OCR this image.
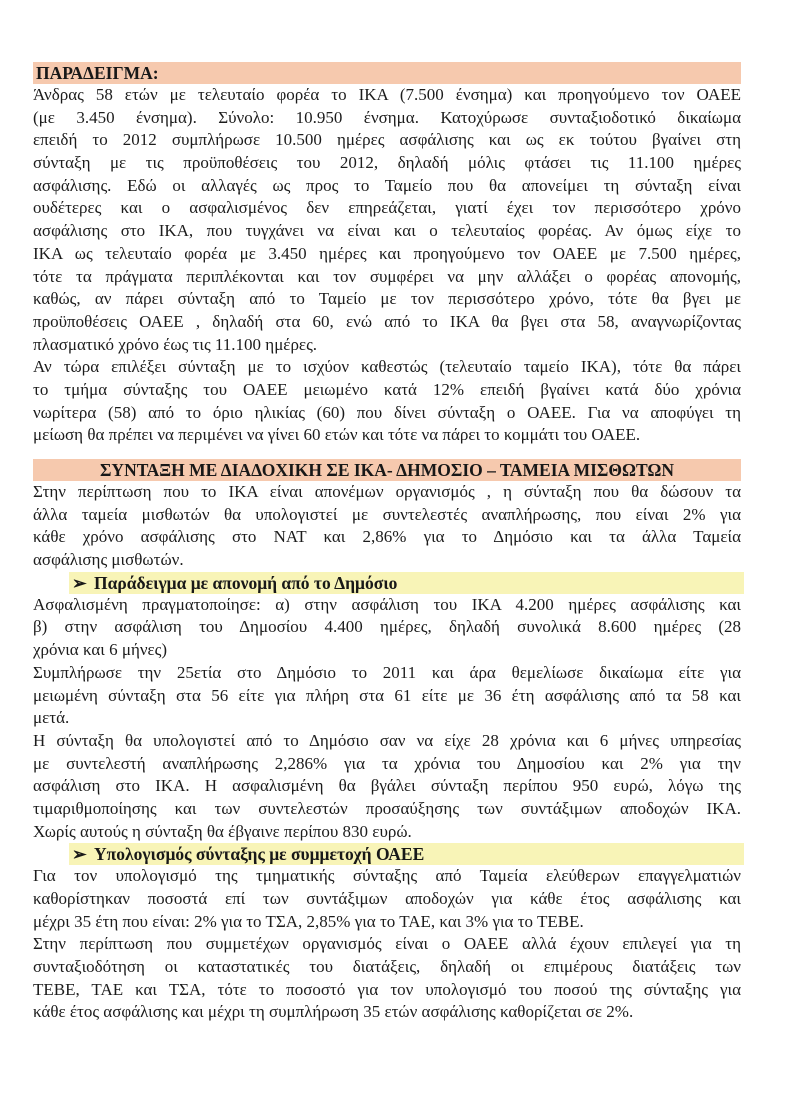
ΠΑΡΑΔΕΙΓΜΑ:
Άνδρας 58 ετών με τελευταίο φορέα το ΙΚΑ (7.500 ένσημα) και προηγούμενο τον ΟΑΕΕ
(με 3.450 ένσημα). Σύνολο: 10.950 ένσημα. Κατοχύρωσε συνταξιοδοτικό δικαίωμα
επειδή το 2012 συμπλήρωσε 10.500 ημέρες ασφάλισης και ως εκ τούτου βγαίνει στη
σύνταξη με τις προϋποθέσεις του 2012, δηλαδή μόλις φτάσει τις 11.100 ημέρες
ασφάλισης. Εδώ οι αλλαγές ως προς το Ταμείο που θα απονείμει τη σύνταξη είναι
ουδέτερες και ο ασφαλισμένος δεν επηρεάζεται, γιατί έχει τον περισσότερο χρόνο
ασφάλισης στο ΙΚΑ, που τυγχάνει να είναι και ο τελευταίος φορέας. Αν όμως είχε το
ΙΚΑ ως τελευταίο φορέα με 3.450 ημέρες και προηγούμενο τον ΟΑΕΕ με 7.500 ημέρες,
τότε τα πράγματα περιπλέκονται και τον συμφέρει να μην αλλάξει ο φορέας απονομής,
καθώς, αν πάρει σύνταξη από το Ταμείο με τον περισσότερο χρόνο, τότε θα βγει με
προϋποθέσεις ΟΑΕΕ , δηλαδή στα 60, ενώ από το ΙΚΑ θα βγει στα 58, αναγνωρίζοντας
πλασματικό χρόνο έως τις 11.100 ημέρες.
Αν τώρα επιλέξει σύνταξη με το ισχύον καθεστώς (τελευταίο ταμείο ΙΚΑ), τότε θα πάρει
το τμήμα σύνταξης του ΟΑΕΕ μειωμένο κατά 12% επειδή βγαίνει κατά δύο χρόνια
νωρίτερα (58) από το όριο ηλικίας (60) που δίνει σύνταξη ο ΟΑΕΕ. Για να αποφύγει τη
μείωση θα πρέπει να περιμένει να γίνει 60 ετών και τότε να πάρει το κομμάτι του ΟΑΕΕ.
ΣΥΝΤΑΞΗ ΜΕ ΔΙΑΔΟΧΙΚΗ ΣΕ ΙΚΑ- ΔΗΜΟΣΙΟ – ΤΑΜΕΙΑ ΜΙΣΘΩΤΩΝ
Στην περίπτωση που το ΙΚΑ είναι απονέμων οργανισμός , η σύνταξη που θα δώσουν τα
άλλα ταμεία μισθωτών θα υπολογιστεί με συντελεστές αναπλήρωσης, που είναι 2% για
κάθε χρόνο ασφάλισης στο ΝΑΤ και 2,86% για το Δημόσιο και τα άλλα Ταμεία
ασφάλισης μισθωτών.
➢ Παράδειγμα με απονομή από το Δημόσιο
Ασφαλισμένη πραγματοποίησε: α) στην ασφάλιση του ΙΚΑ 4.200 ημέρες ασφάλισης και
β) στην ασφάλιση του Δημοσίου 4.400 ημέρες, δηλαδή συνολικά 8.600 ημέρες (28
χρόνια και 6 μήνες)
Συμπλήρωσε την 25ετία στο Δημόσιο το 2011 και άρα θεμελίωσε δικαίωμα είτε για
μειωμένη σύνταξη στα 56 είτε για πλήρη στα 61 είτε με 36 έτη ασφάλισης από τα 58 και
μετά.
Η σύνταξη θα υπολογιστεί από το Δημόσιο σαν να είχε 28 χρόνια και 6 μήνες υπηρεσίας
με συντελεστή αναπλήρωσης 2,286% για τα χρόνια του Δημοσίου και 2% για την
ασφάλιση στο ΙΚΑ. Η ασφαλισμένη θα βγάλει σύνταξη περίπου 950 ευρώ, λόγω της
τιμαριθμοποίησης και των συντελεστών προσαύξησης των συντάξιμων αποδοχών ΙΚΑ.
Χωρίς αυτούς η σύνταξη θα έβγαινε περίπου 830 ευρώ.
➢ Υπολογισμός σύνταξης με συμμετοχή ΟΑΕΕ
Για τον υπολογισμό της τμηματικής σύνταξης από Ταμεία ελεύθερων επαγγελματιών
καθορίστηκαν ποσοστά επί των συντάξιμων αποδοχών για κάθε έτος ασφάλισης και
μέχρι 35 έτη που είναι: 2% για το ΤΣΑ, 2,85% για το ΤΑΕ, και 3% για το ΤΕΒΕ.
Στην περίπτωση που συμμετέχων οργανισμός είναι ο ΟΑΕΕ αλλά έχουν επιλεγεί για τη
συνταξιοδότηση οι καταστατικές του διατάξεις, δηλαδή οι επιμέρους διατάξεις των
ΤΕΒΕ, ΤΑΕ και ΤΣΑ, τότε το ποσοστό για τον υπολογισμό του ποσού της σύνταξης για
κάθε έτος ασφάλισης και μέχρι τη συμπλήρωση 35 ετών ασφάλισης καθορίζεται σε 2%.
